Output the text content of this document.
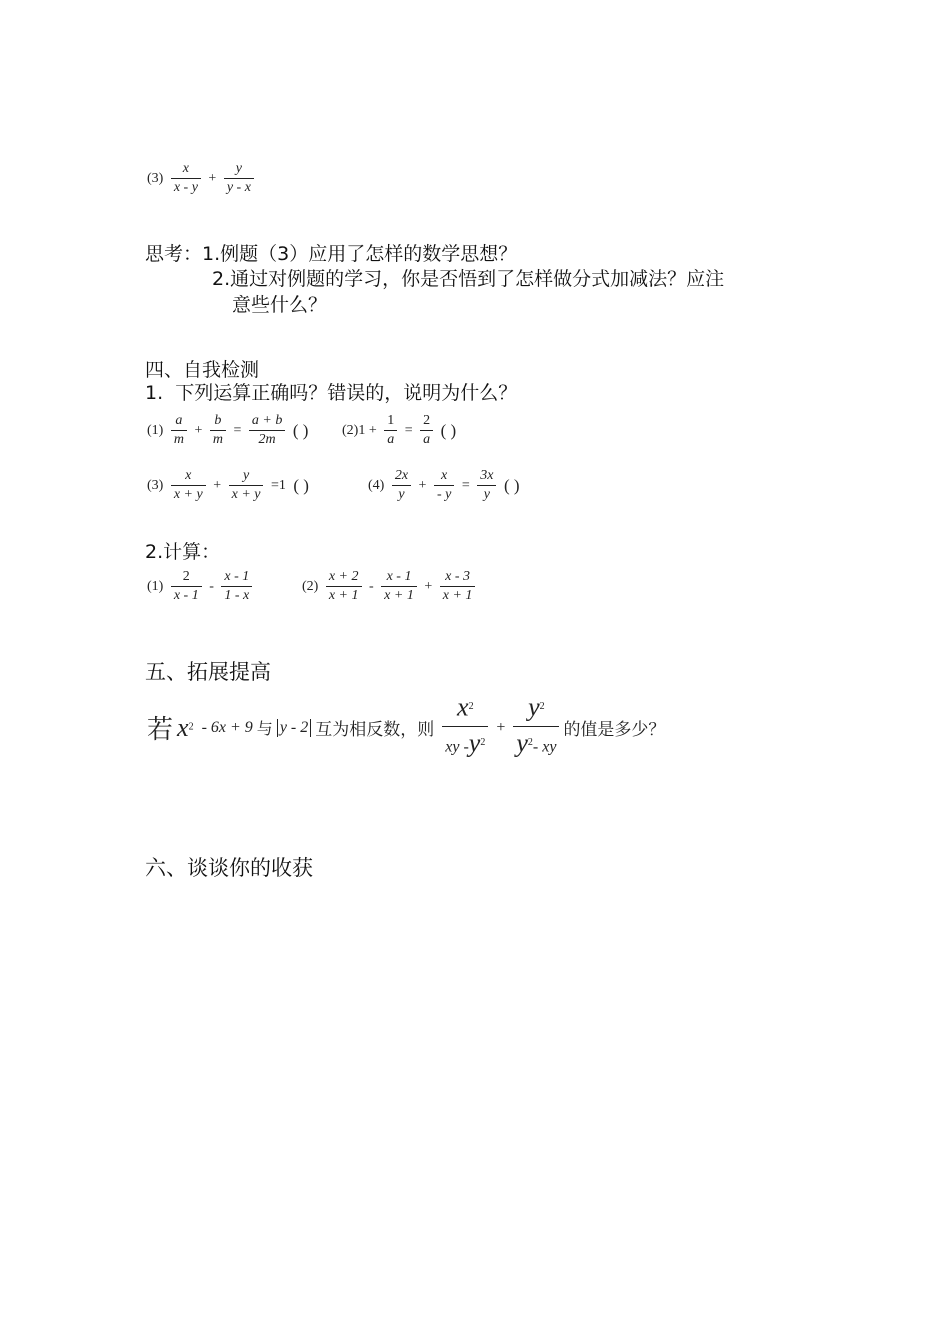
$(3) \frac{x}{x - y} + \frac{y}{y - x}$
思考：1.例题（3）应用了怎样的数学思想？
2.通过对例题的学习，你是否悟到了怎样做分式加减法？应注
意些什么？
四、自我检测
1.  下列运算正确吗？错误的，说明为什么？
$(1) \frac{a}{m} + \frac{b}{m} = \frac{a + b}{2m}$ ( ) $(2)1 + \frac{1}{a} = \frac{2}{a}$ ( )
$(3) \frac{x}{x + y} + \frac{y}{x + y} =1$ ( )	$(4) \frac{2x}{y} + \frac{x}{- y} = \frac{3x}{y}$ ( )
2.计算：
$(1) \frac{2}{x - 1} - \frac{x - 1}{1 - x}$	$(2) \frac{x + 2}{x + 1} - \frac{x - 1}{x + 1} + \frac{x - 3}{x + 1}$
五、拓展提高
若 $x^2 - 6x + 9$ 与 y - 2 互为相反数，则 $\frac{x^2}{xy -y^2} + \frac{y^2}{y^2- xy}$ 的值是多少？
六、谈谈你的收获
